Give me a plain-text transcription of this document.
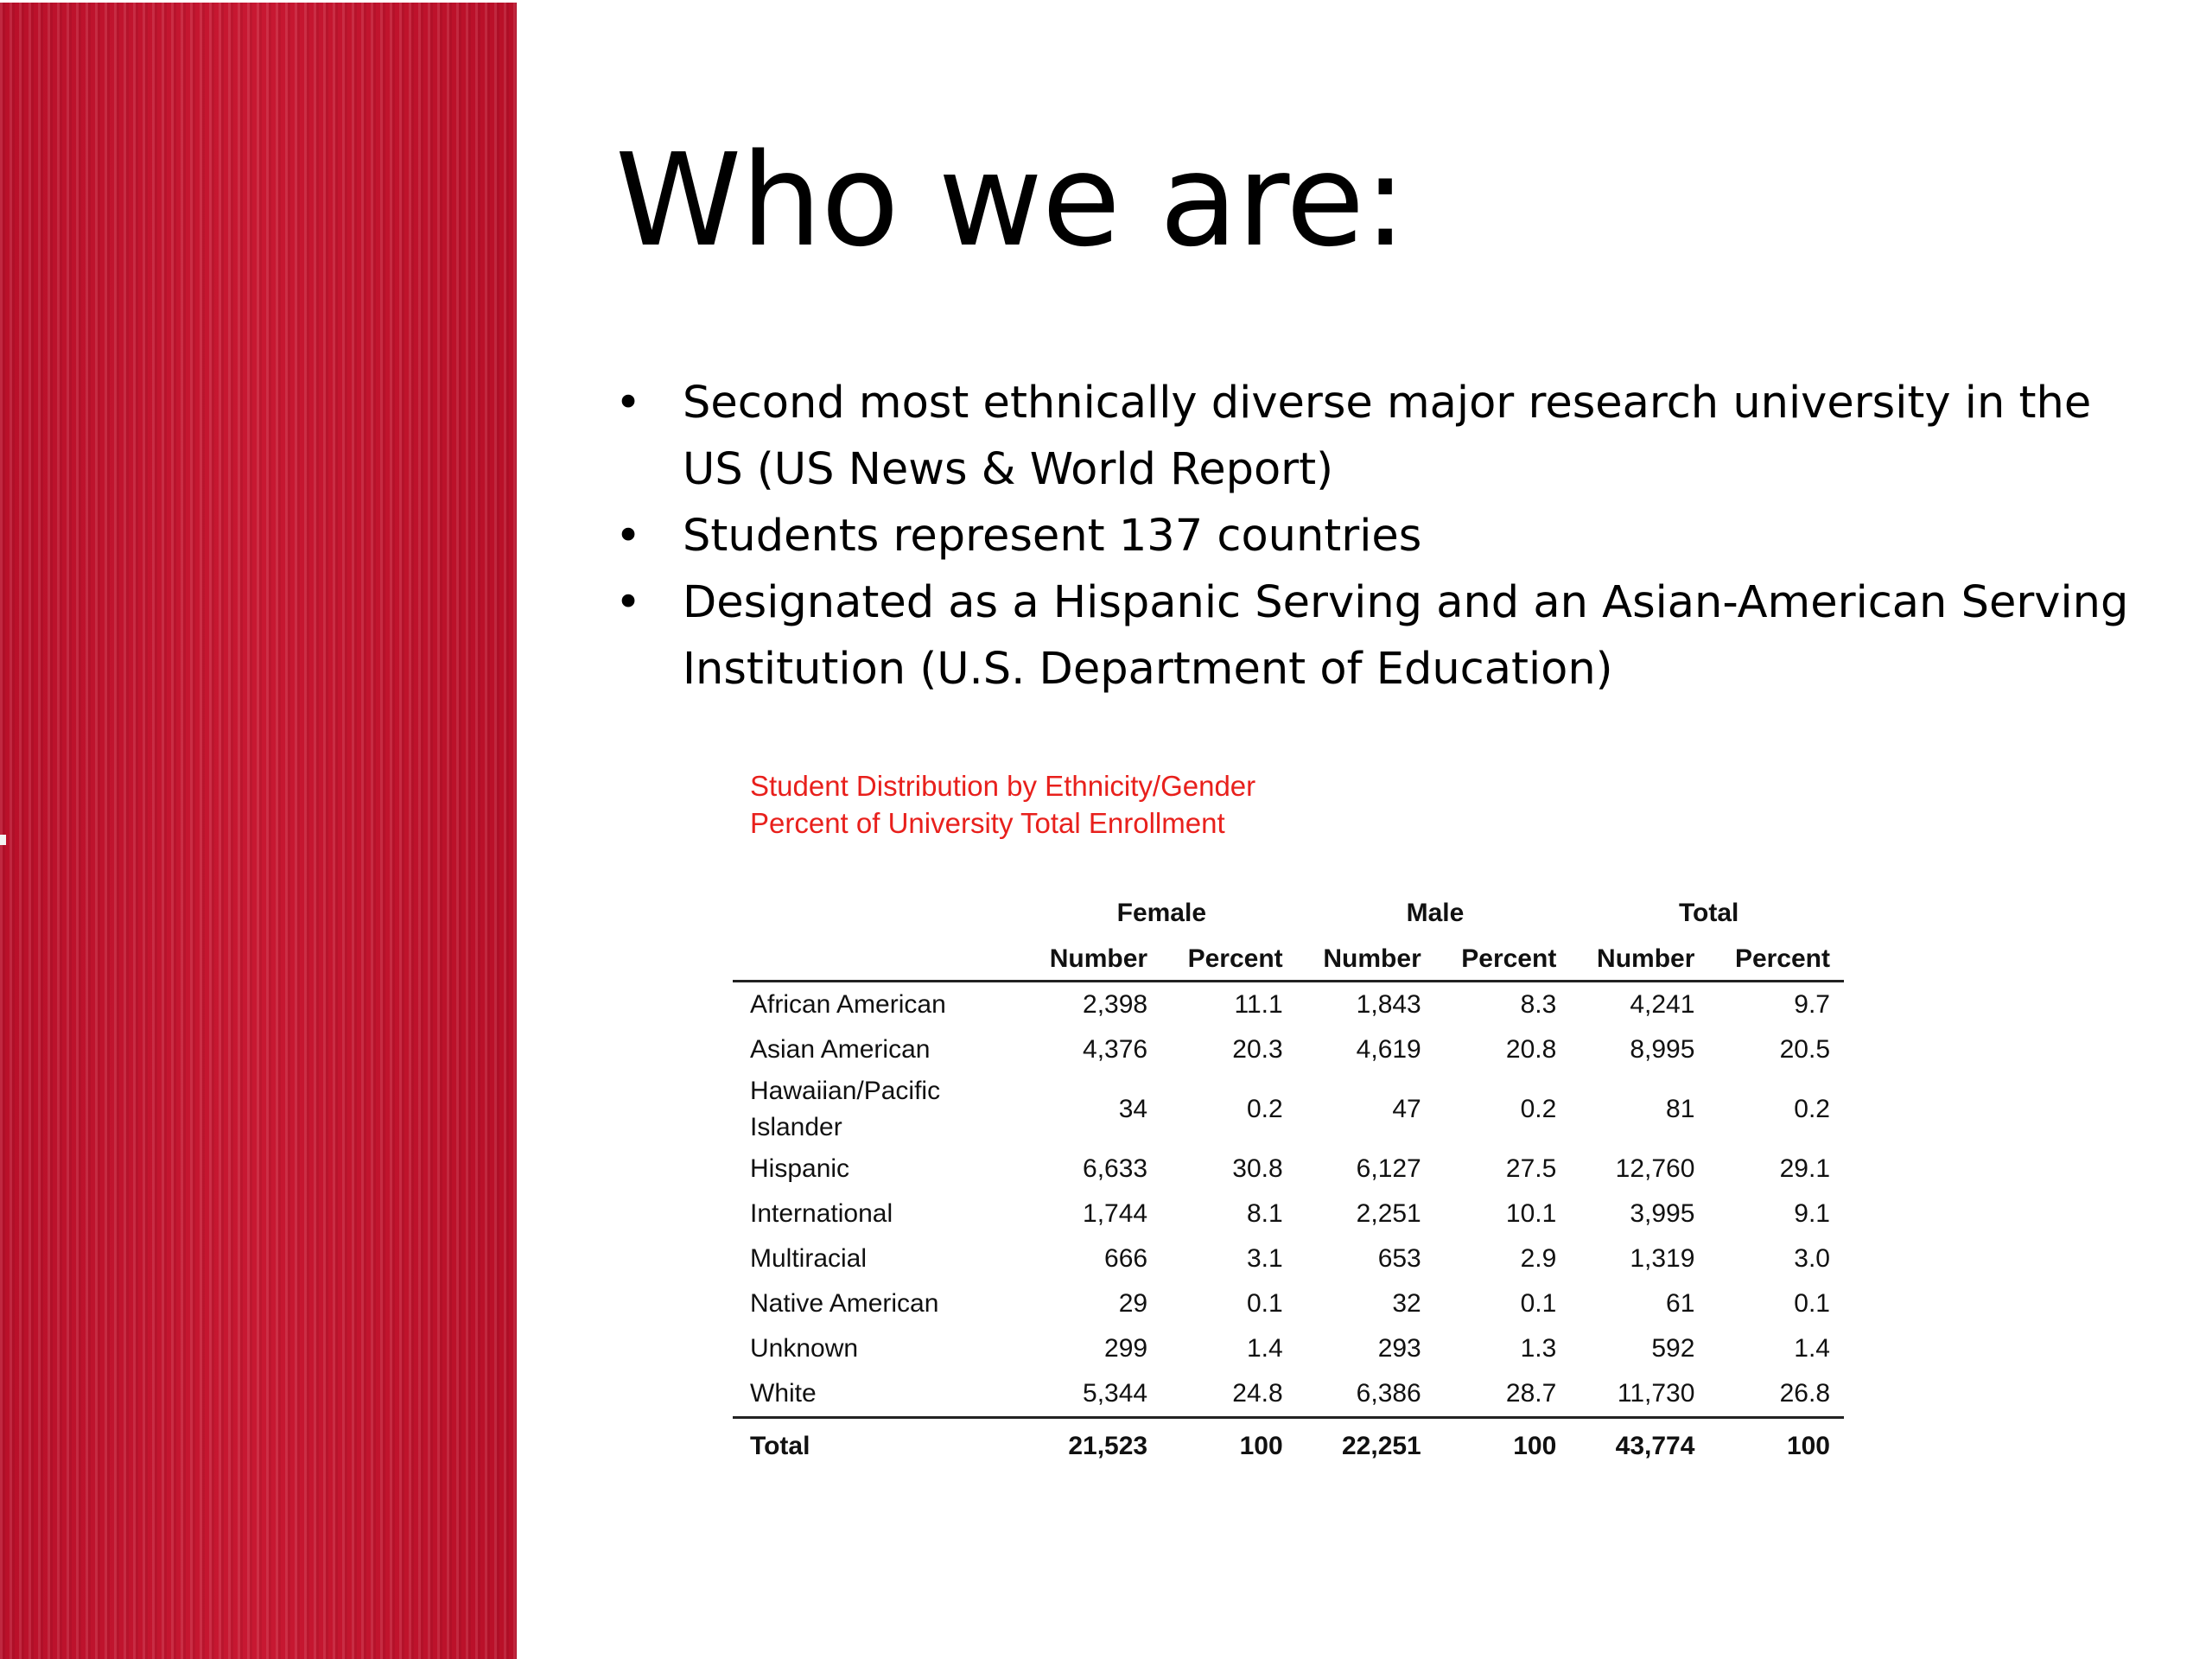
Who we are:
• Second most ethnically diverse major research university in the US (US News & World Report)
• Students represent 137 countries
• Designated as a Hispanic Serving and an Asian-American Serving Institution (U.S. Department of Education)
Student Distribution by Ethnicity/Gender
Percent of University Total Enrollment
	Female		Male		Total	
	Number	Percent	Number	Percent	Number	Percent
African American	2,398	11.1	1,843	8.3	4,241	9.7
Asian American	4,376	20.3	4,619	20.8	8,995	20.5
Hawaiian/Pacific Islander	34	0.2	47	0.2	81	0.2
Hispanic	6,633	30.8	6,127	27.5	12,760	29.1
International	1,744	8.1	2,251	10.1	3,995	9.1
Multiracial	666	3.1	653	2.9	1,319	3.0
Native American	29	0.1	32	0.1	61	0.1
Unknown	299	1.4	293	1.3	592	1.4
White	5,344	24.8	6,386	28.7	11,730	26.8
Total	21,523	100	22,251	100	43,774	100
